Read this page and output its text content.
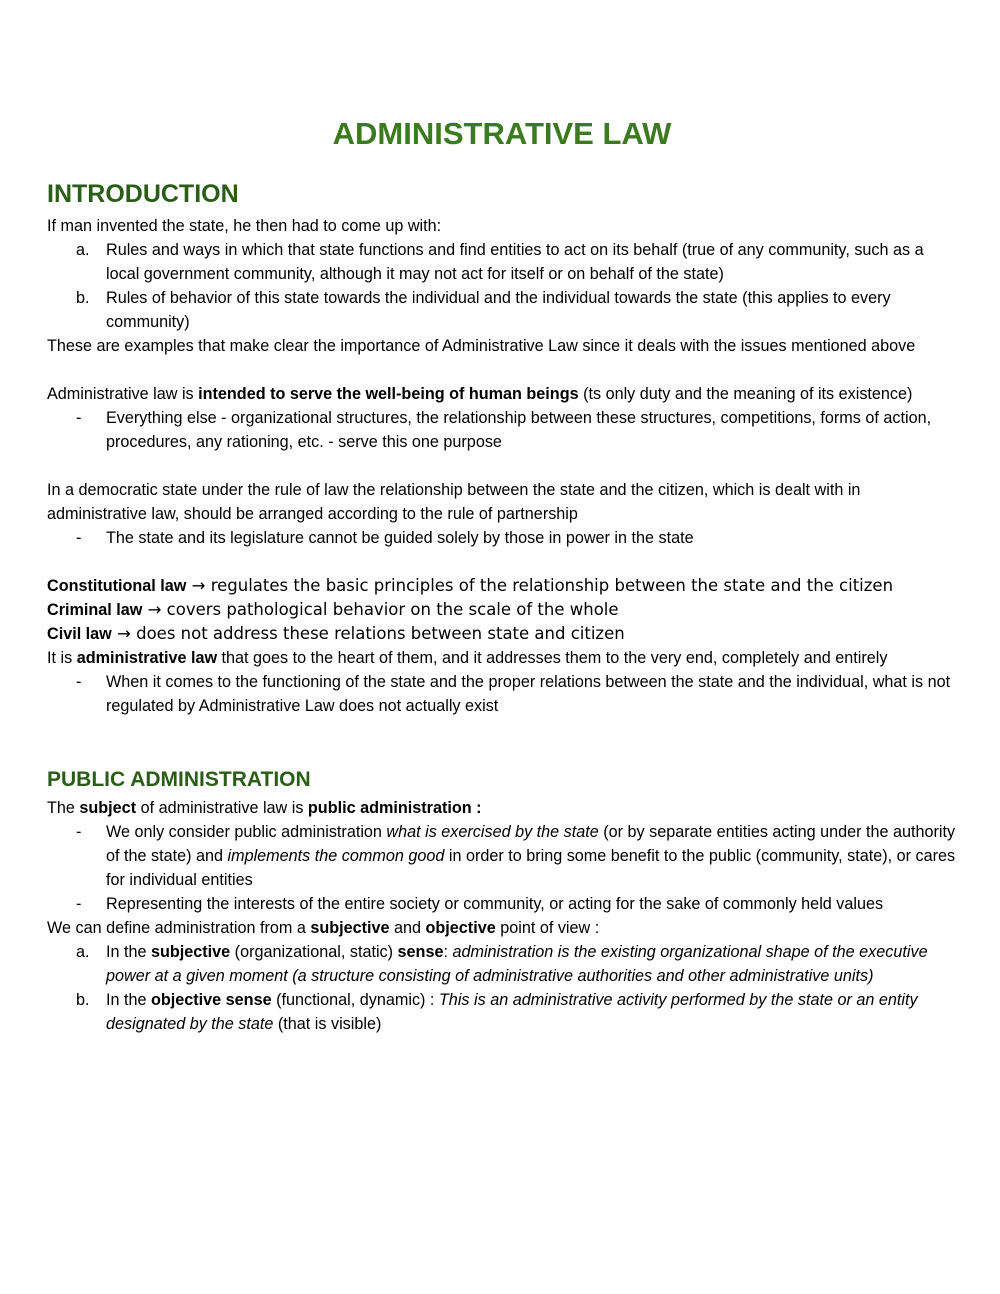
ADMINISTRATIVE LAW
INTRODUCTION

If man invented the state, he then had to come up with:

a. Rules and ways in which that state functions and find entities to act on its behalf (true of any community, such as a local government community, although it may not act for itself or on behalf of the state)
b. Rules of behavior of this state towards the individual and the individual towards the state (this applies to every community)

These are examples that make clear the importance of Administrative Law since it deals with the issues mentioned above

Administrative law is intended to serve the well-being of human beings (ts only duty and the meaning of its existence)

- Everything else - organizational structures, the relationship between these structures, competitions, forms of action, procedures, any rationing, etc. - serve this one purpose

In a democratic state under the rule of law the relationship between the state and the citizen, which is dealt with in administrative law, should be arranged according to the rule of partnership

- The state and its legislature cannot be guided solely by those in power in the state

Constitutional law → regulates the basic principles of the relationship between the state and the citizen

Criminal law → covers pathological behavior on the scale of the whole

Civil law → does not address these relations between state and citizen

It is administrative law that goes to the heart of them, and it addresses them to the very end, completely and entirely

- When it comes to the functioning of the state and the proper relations between the state and the individual, what is not regulated by Administrative Law does not actually exist
PUBLIC ADMINISTRATION

The subject of administrative law is public administration :

- We only consider public administration what is exercised by the state (or by separate entities acting under the authority of the state) and implements the common good in order to bring some benefit to the public (community, state), or cares for individual entities
- Representing the interests of the entire society or community, or acting for the sake of commonly held values

We can define administration from a subjective and objective point of view :

a. In the subjective (organizational, static) sense: administration is the existing organizational shape of the executive power at a given moment (a structure consisting of administrative authorities and other administrative units)
b. In the objective sense (functional, dynamic) : This is an administrative activity performed by the state or an entity designated by the state (that is visible)
